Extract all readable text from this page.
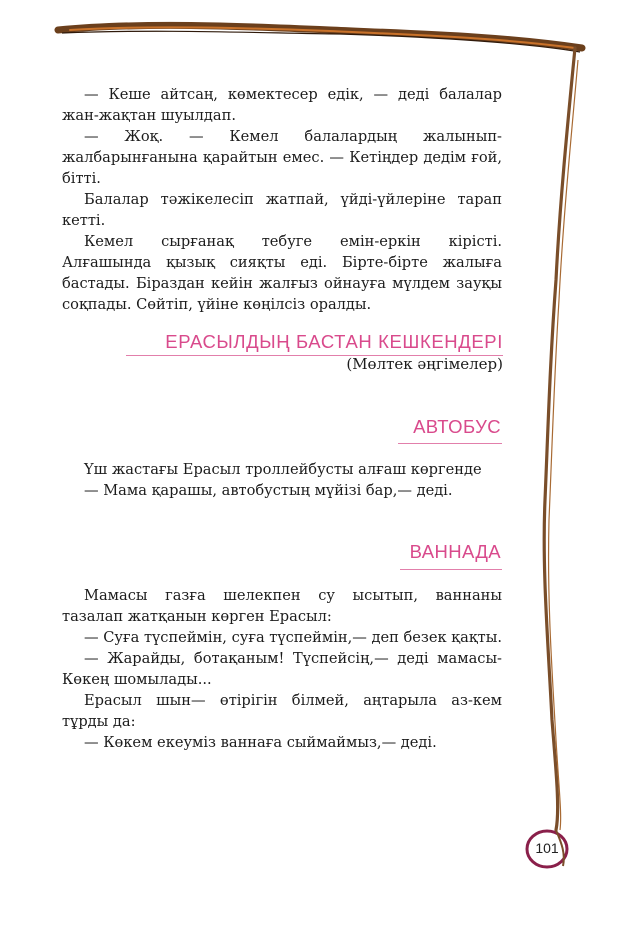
— Кеше айтсаң, көмектесер едік, — деді балалар жан-жақтан шуылдап.

— Жоқ. — Кемел балалардың жалынып-жалбарынғанына қарайтын емес. — Кетіңдер дедім ғой, бітті.

Балалар тәжікелесіп жатпай, үйді-үйлеріне тарап кетті.

Кемел сырғанақ тебуге емін-еркін кірісті. Алғашында қызық сияқты еді. Бірте-бірте жалыға бастады. Біраздан кейін жалғыз ойнауға мүлдем зауқы соқпады. Сөйтіп, үйіне көңілсіз оралды.

ЕРАСЫЛДЫҢ БАСТАН КЕШКЕНДЕРІ
(Мөлтек әңгімелер)
АВТОБУС

Үш жастағы Ерасыл троллейбусты алғаш көргенде

— Мама қарашы, автобустың мүйізі бар,— деді.

ВАННАДА

Мамасы газға шелекпен су ысытып, ваннаны тазалап жатқанын көрген Ерасыл:

— Суға түспеймін, суға түспеймін,— деп безек қақты.

— Жарайды, ботақаным! Түспейсің,— деді мамасы- Көкең шомылады...

Ерасыл шын— өтірігін білмей, аңтарыла аз-кем тұрды да:

— Көкем екеуміз ваннаға сыймаймыз,— деді.

101
